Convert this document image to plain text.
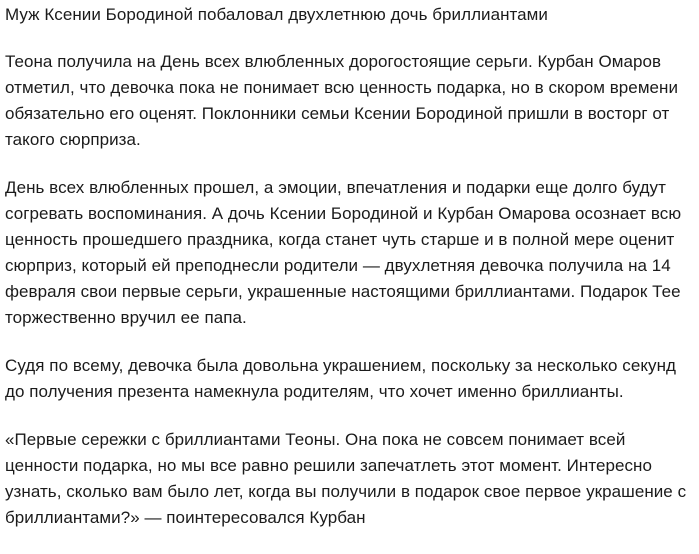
Муж Ксении Бородиной побаловал двухлетнюю дочь бриллиантами

Теона получила на День всех влюбленных дорогостоящие серьги. Курбан Омаров отметил, что девочка пока не понимает всю ценность подарка, но в скором времени обязательно его оценят. Поклонники семьи Ксении Бородиной пришли в восторг от такого сюрприза.

День всех влюбленных прошел, а эмоции, впечатления и подарки еще долго будут согревать воспоминания. А дочь Ксении Бородиной и Курбан Омарова осознает всю ценность прошедшего праздника, когда станет чуть старше и в полной мере оценит сюрприз, который ей преподнесли родители — двухлетняя девочка получила на 14 февраля свои первые серьги, украшенные настоящими бриллиантами. Подарок Тее торжественно вручил ее папа.

Судя по всему, девочка была довольна украшением, поскольку за несколько секунд до получения презента намекнула родителям, что хочет именно бриллианты.

«Первые сережки с бриллиантами Теоны. Она пока не совсем понимает всей ценности подарка, но мы все равно решили запечатлеть этот момент. Интересно узнать, сколько вам было лет, когда вы получили в подарок свое первое украшение с бриллиантами?» — поинтересовался Курбан
